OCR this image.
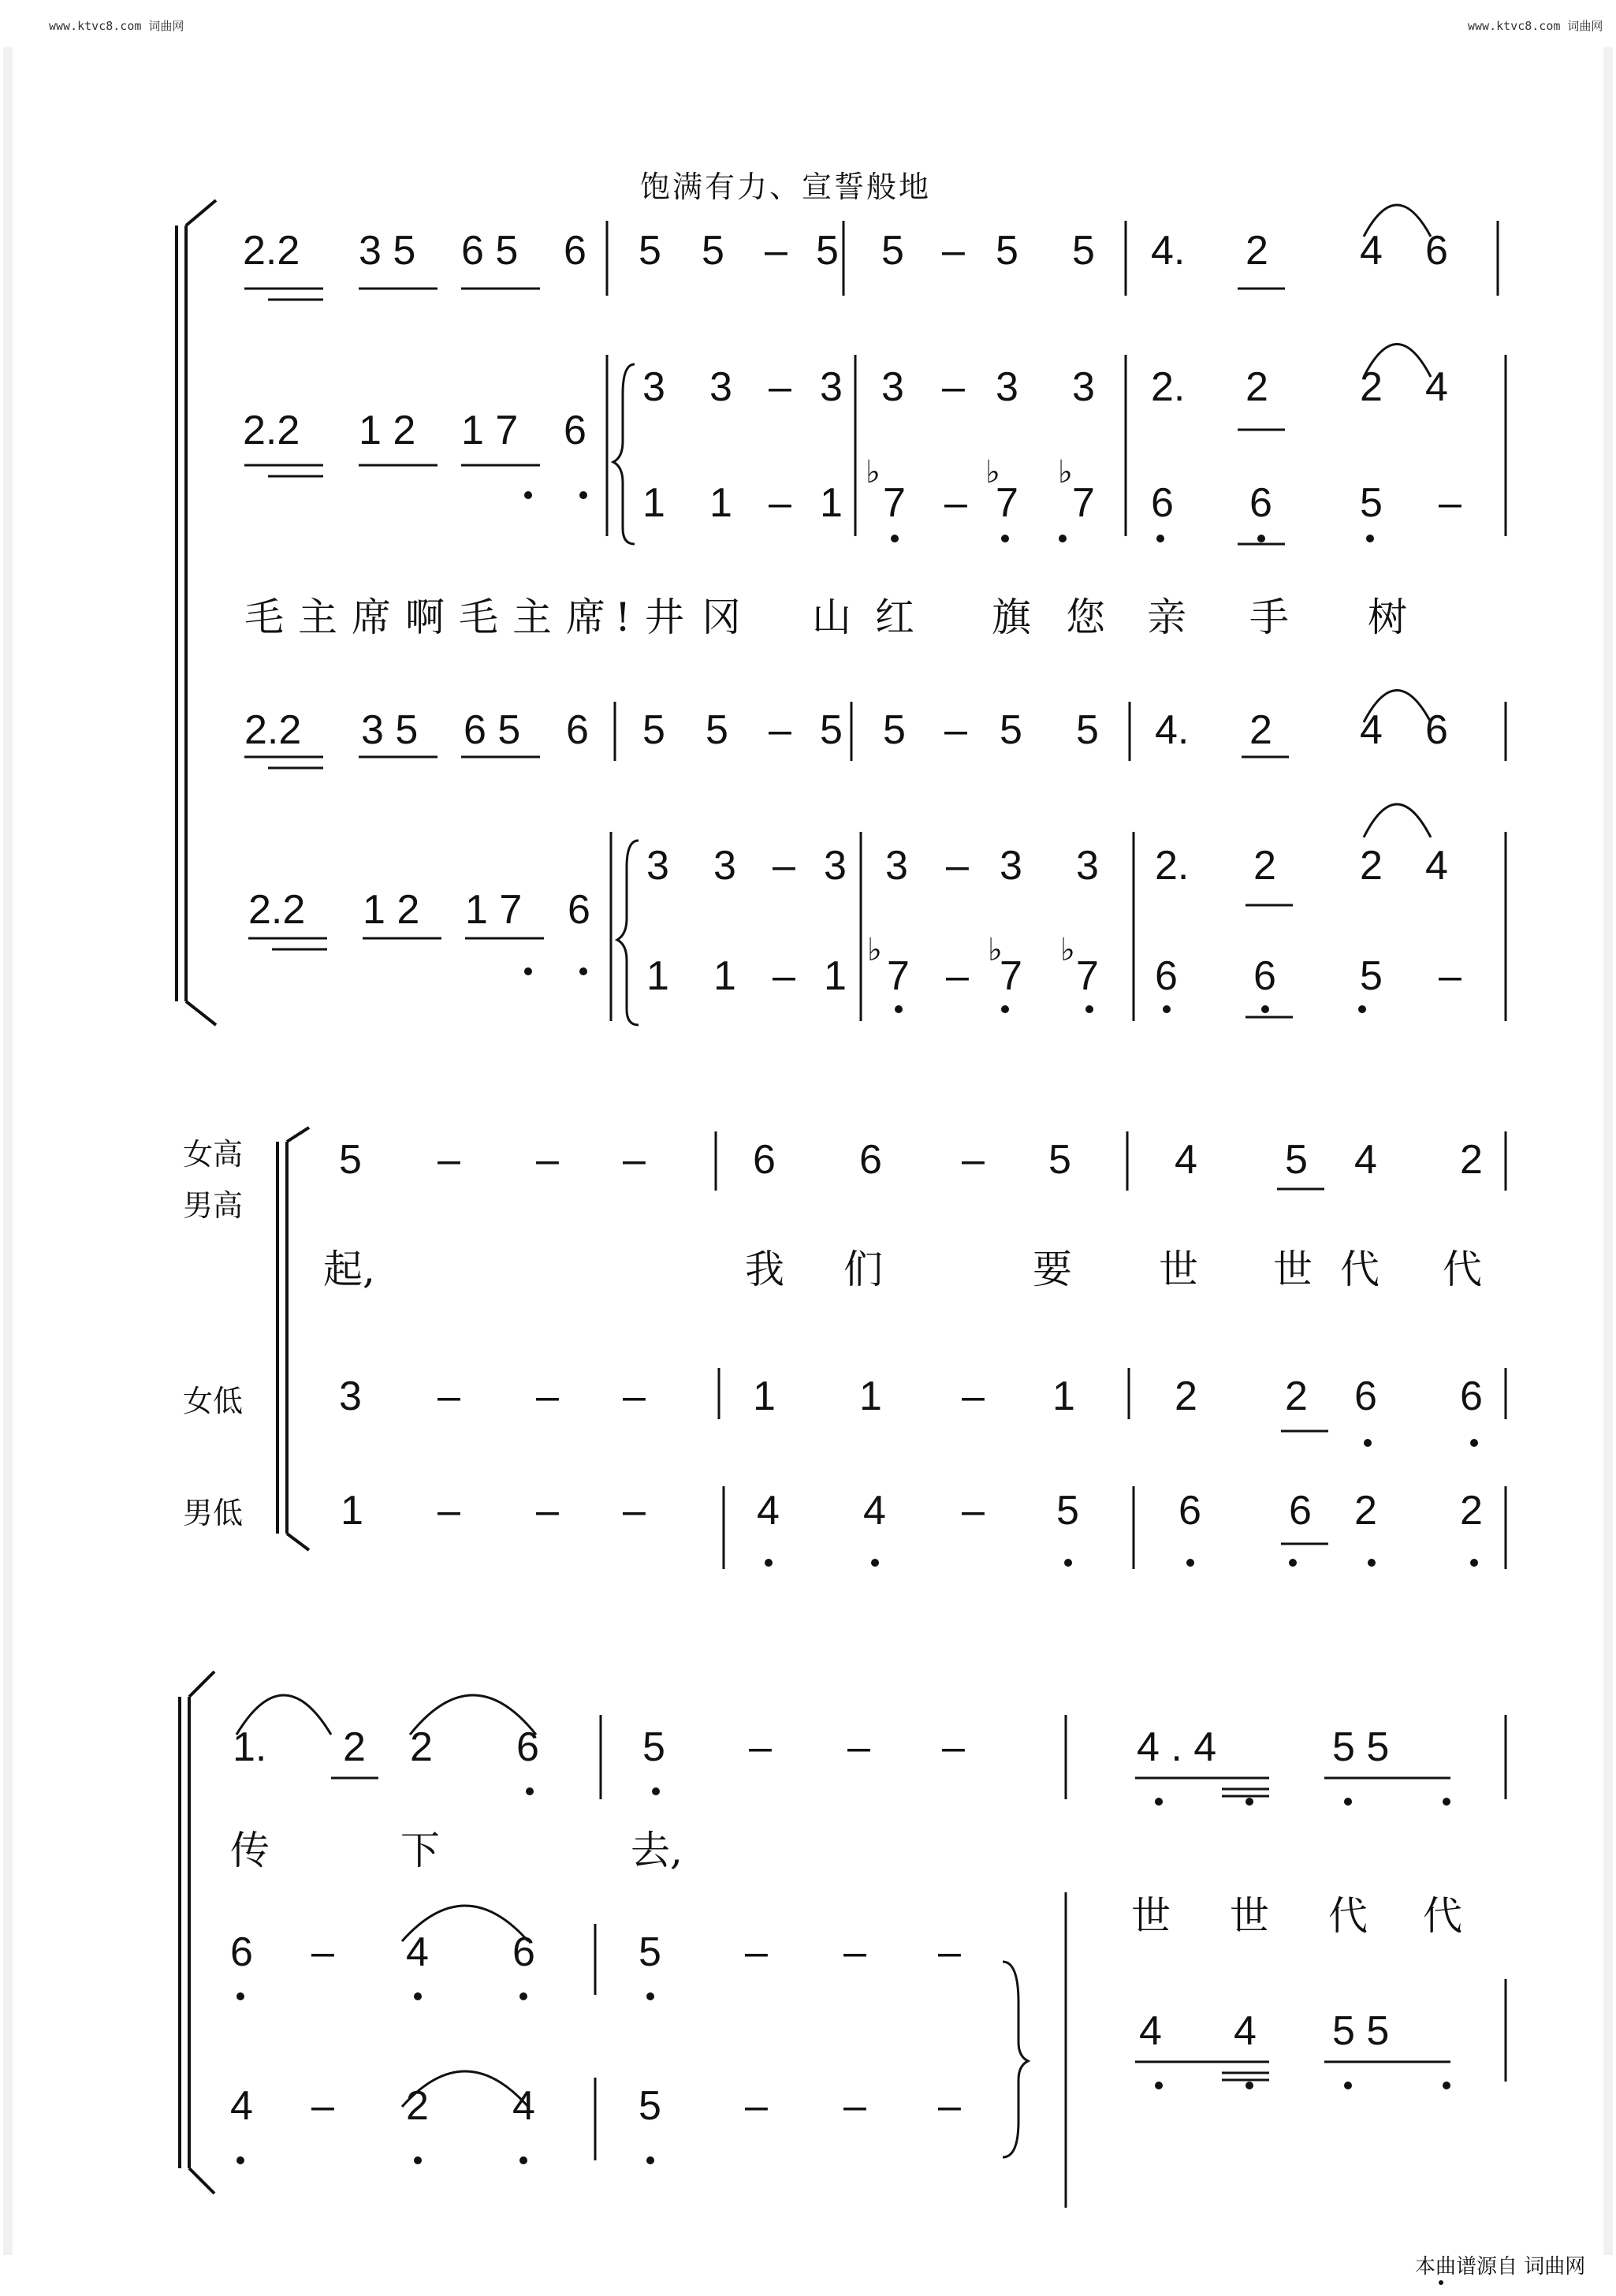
www.ktvc8.com 词曲网	www.ktvc8.com 词曲网
饱满有力、宣誓般地
♭	♭ ♭
♭	♭ ♭
2.2 3 5 6 5 6 5 5 – 5 5 – 5 5 4. 2 4 6
2.2 1 2 1 7 6
3 3 – 3 3 – 3 3 2. 2 2 4
1 1 – 1 7 – 7 7 6 6 5 –
毛 主 席 啊 毛 主 席 ! 井 冈 山 红 旗 您 亲 手 树
2.2 3 5 6 5 6 5 5 – 5 5 – 5 5 4. 2 4 6
2.2 1 2 1 7 6
3 3 – 3 3 – 3 3 2. 2 2 4
1 1 – 1 7 – 7 7 6 6 5 –
女高
男高
女低
男低
5 – – –	6 6 – 5	4 5 4 2
起,	我 们	要 世 世 代 代
3 – – –	1 1 – 1 2 2 6 6
1 – – –	4 4 – 5 6 6 2 2
1. 2 2 6	5 – – –	4 . 4	5 5
传	下	去,
世 世 代 代
6 – 4 6	5 – – –
4 4 5 5
4 – 2 4	5 – – –
本曲谱源自 词曲网
